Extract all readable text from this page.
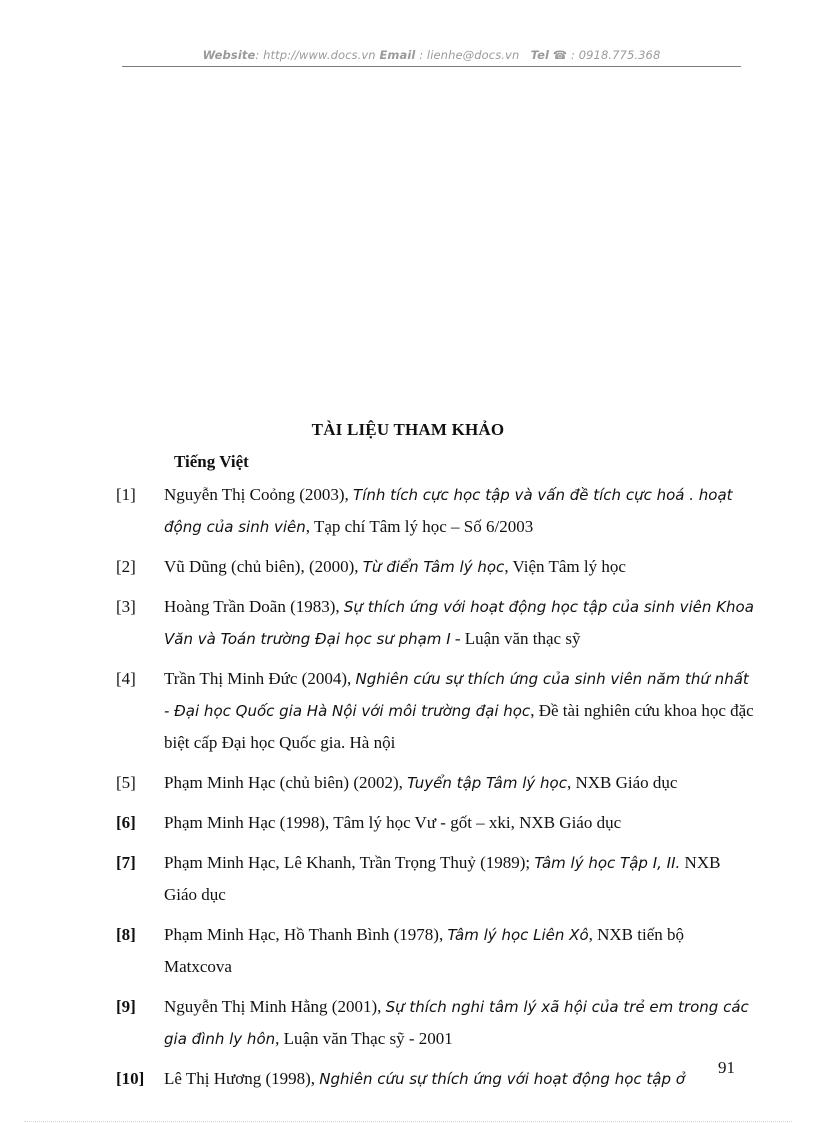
Website: http://www.docs.vn Email : lienhe@docs.vn Tel ☎ : 0918.775.368
TÀI LIỆU THAM KHẢO
Tiếng Việt
[1] Nguyễn Thị Coỏng (2003), Tính tích cực học tập và vấn đề tích cực hoá . hoạt động của sinh viên, Tạp chí Tâm lý học – Số 6/2003
[2] Vũ Dũng (chủ biên), (2000), Từ điển Tâm lý học, Viện Tâm lý học
[3] Hoàng Trần Doãn (1983), Sự thích ứng với hoạt động học tập của sinh viên Khoa Văn và Toán trường Đại học sư phạm I - Luận văn thạc sỹ
[4] Trần Thị Minh Đức (2004), Nghiên cứu sự thích ứng của sinh viên năm thứ nhất - Đại học Quốc gia Hà Nội với môi trường đại học, Đề tài nghiên cứu khoa học đặc biệt cấp Đại học Quốc gia. Hà nội
[5] Phạm Minh Hạc (chủ biên) (2002), Tuyển tập Tâm lý học, NXB Giáo dục
[6] Phạm Minh Hạc (1998), Tâm lý học Vư - gốt – xki, NXB Giáo dục
[7] Phạm Minh Hạc, Lê Khanh, Trần Trọng Thuỷ (1989); Tâm lý học Tập I, II. NXB Giáo dục
[8] Phạm Minh Hạc, Hồ Thanh Bình (1978), Tâm lý học Liên Xô, NXB tiến bộ Matxcova
[9] Nguyễn Thị Minh Hằng (2001), Sự thích nghi tâm lý xã hội của trẻ em trong các gia đình ly hôn, Luận văn Thạc sỹ - 2001
[10] Lê Thị Hương (1998), Nghiên cứu sự thích ứng với hoạt động học tập ở
91
